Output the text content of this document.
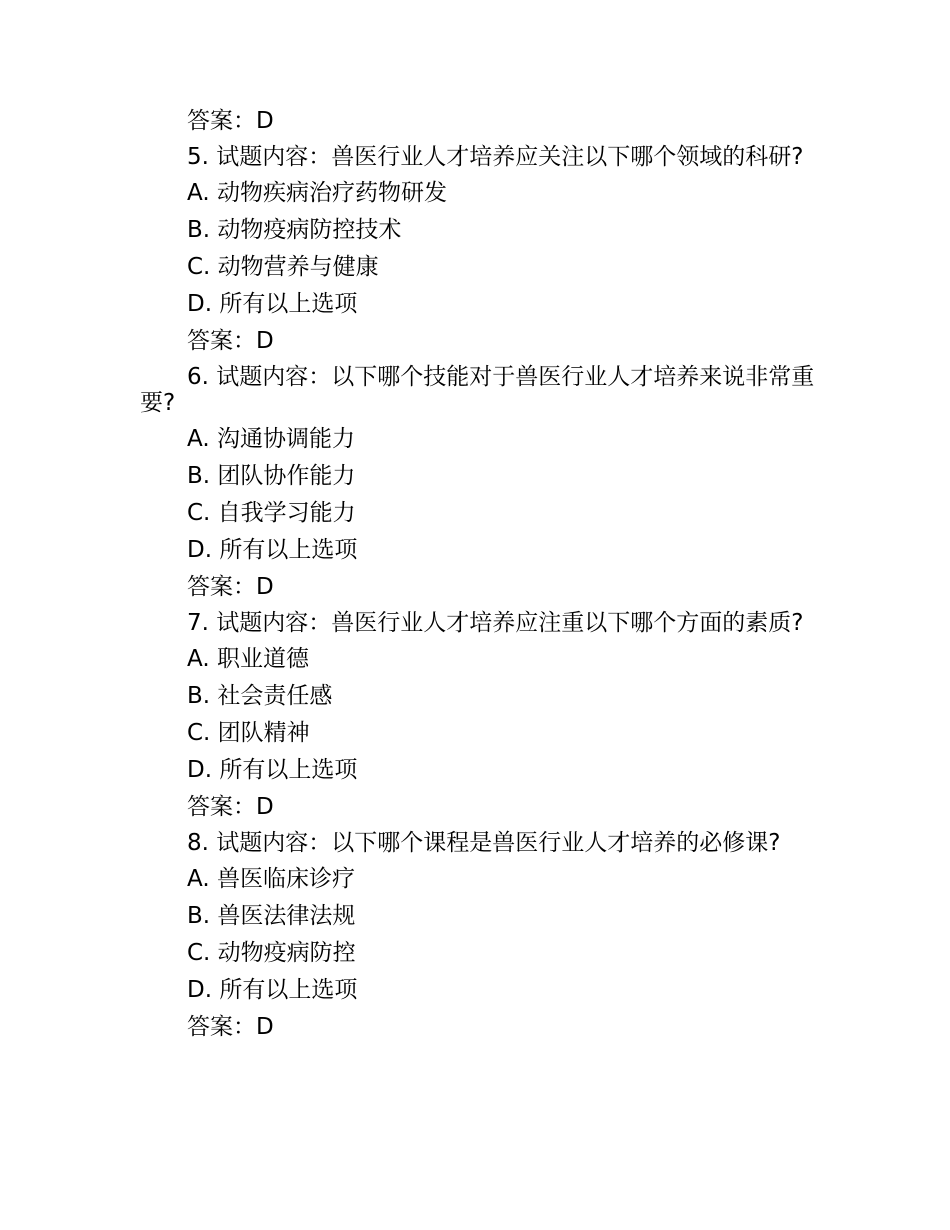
答案：D
5. 试题内容：兽医行业人才培养应关注以下哪个领域的科研?
A. 动物疾病治疗药物研发
B. 动物疫病防控技术
C. 动物营养与健康
D. 所有以上选项
答案：D
6. 试题内容：以下哪个技能对于兽医行业人才培养来说非常重要?
A. 沟通协调能力
B. 团队协作能力
C. 自我学习能力
D. 所有以上选项
答案：D
7. 试题内容：兽医行业人才培养应注重以下哪个方面的素质?
A. 职业道德
B. 社会责任感
C. 团队精神
D. 所有以上选项
答案：D
8. 试题内容：以下哪个课程是兽医行业人才培养的必修课?
A. 兽医临床诊疗
B. 兽医法律法规
C. 动物疫病防控
D. 所有以上选项
答案：D
